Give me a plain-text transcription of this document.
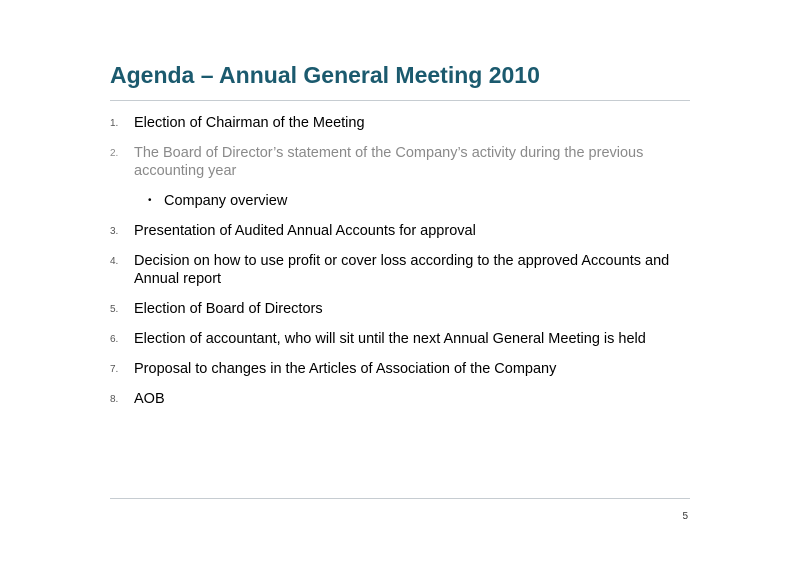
Agenda – Annual General Meeting 2010
1. Election of Chairman of the Meeting
2. The Board of Director’s statement of the Company’s activity during the previous accounting year
• Company overview
3. Presentation of Audited Annual Accounts for approval
4. Decision on how to use profit or cover loss according to the approved Accounts and Annual report
5. Election of Board of Directors
6. Election of accountant, who will sit until the next Annual General Meeting is held
7. Proposal to changes in the Articles of Association of the Company
8. AOB
5
